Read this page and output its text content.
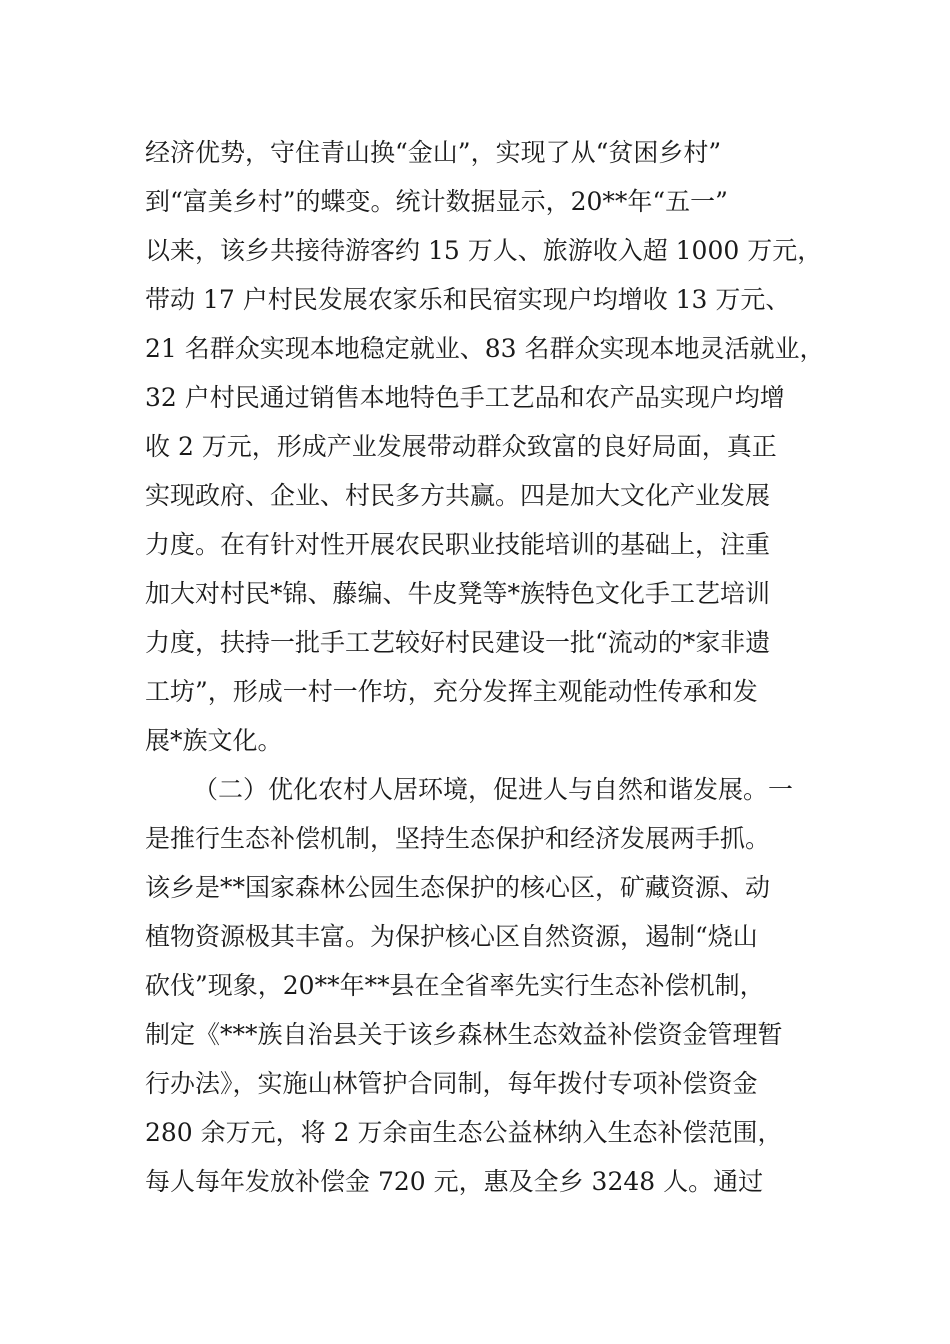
经济优势，守住青山换“金山”，实现了从“贫困乡村”
到“富美乡村”的蝶变。统计数据显示，20**年“五一”
以来，该乡共接待游客约 15 万人、旅游收入超 1000 万元，
带动 17 户村民发展农家乐和民宿实现户均增收 13 万元、
21 名群众实现本地稳定就业、83 名群众实现本地灵活就业，
32 户村民通过销售本地特色手工艺品和农产品实现户均增
收 2 万元，形成产业发展带动群众致富的良好局面，真正
实现政府、企业、村民多方共赢。四是加大文化产业发展
力度。在有针对性开展农民职业技能培训的基础上，注重
加大对村民*锦、藤编、牛皮凳等*族特色文化手工艺培训
力度，扶持一批手工艺较好村民建设一批“流动的*家非遗
工坊”，形成一村一作坊，充分发挥主观能动性传承和发
展*族文化。
（二）优化农村人居环境，促进人与自然和谐发展。一
是推行生态补偿机制，坚持生态保护和经济发展两手抓。
该乡是**国家森林公园生态保护的核心区，矿藏资源、动
植物资源极其丰富。为保护核心区自然资源，遏制“烧山
砍伐”现象，20**年**县在全省率先实行生态补偿机制，
制定《***族自治县关于该乡森林生态效益补偿资金管理暂
行办法》，实施山林管护合同制，每年拨付专项补偿资金
280 余万元，将 2 万余亩生态公益林纳入生态补偿范围，
每人每年发放补偿金 720 元，惠及全乡 3248 人。通过
